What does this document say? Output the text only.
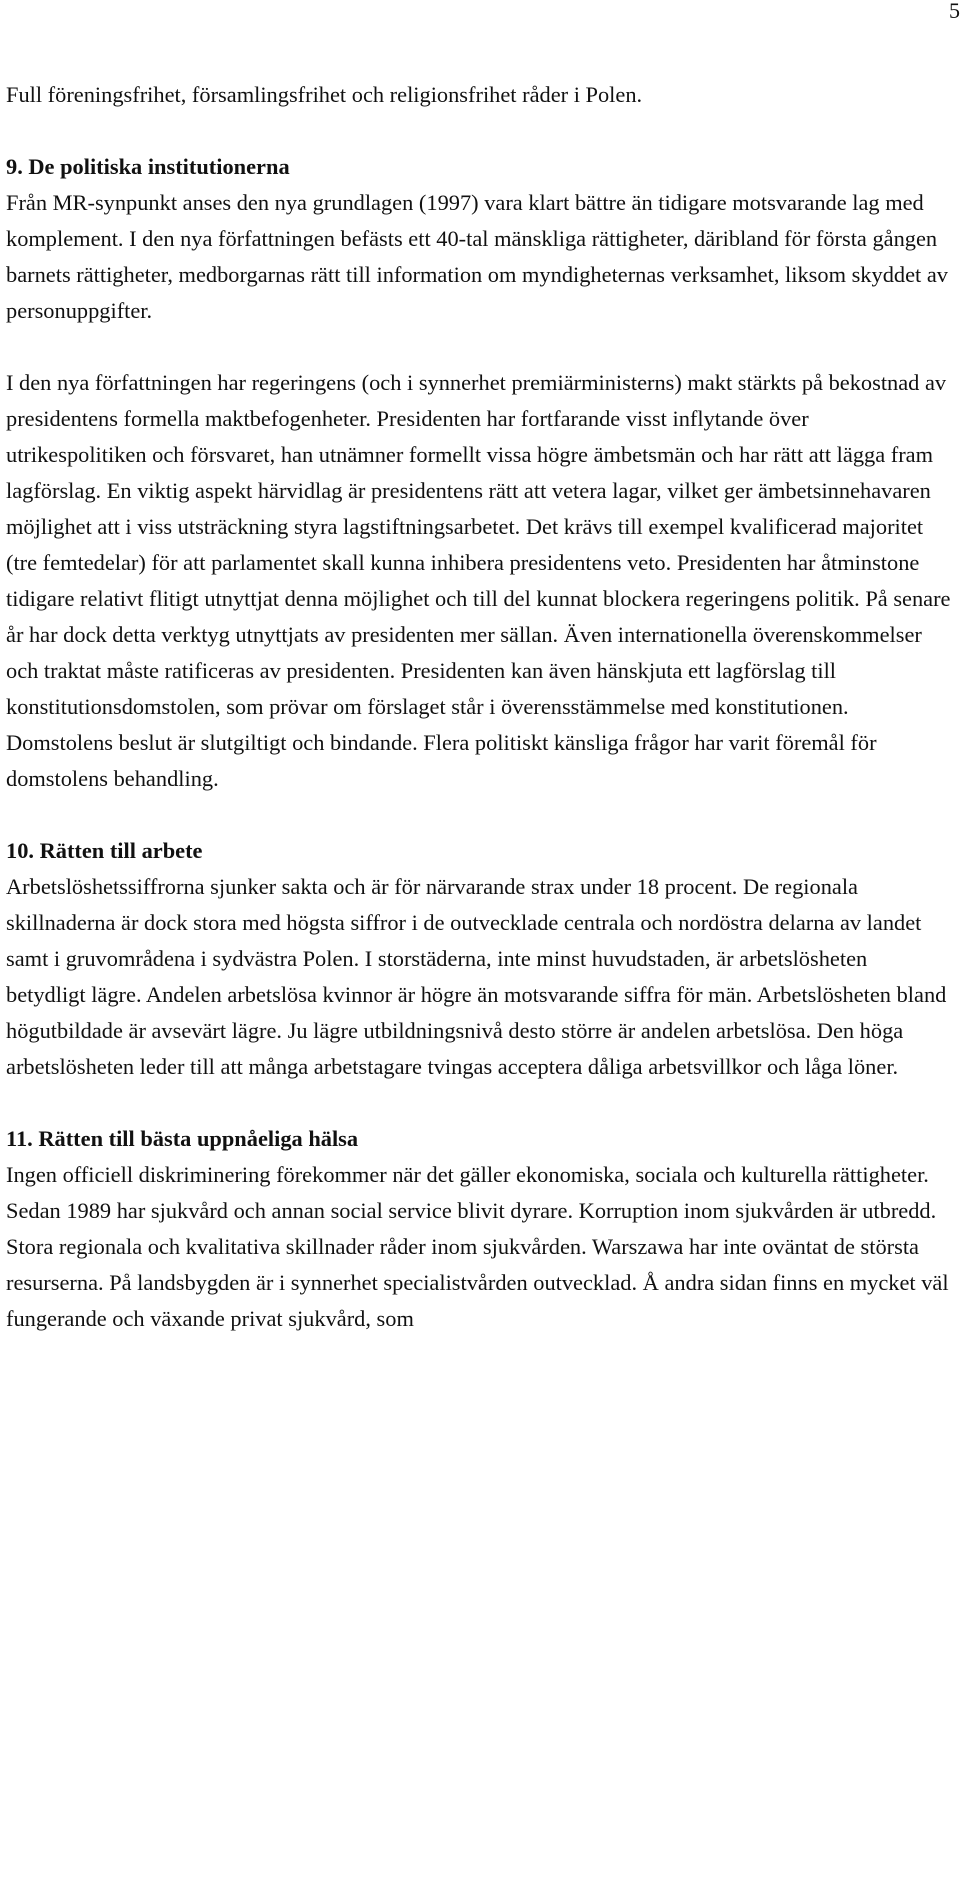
5

Full föreningsfrihet, församlingsfrihet och religionsfrihet råder i Polen.

9. De politiska institutionerna

Från MR-synpunkt anses den nya grundlagen (1997) vara klart bättre än tidigare motsvarande lag med komplement. I den nya författningen befästs ett 40-tal mänskliga rättigheter, däribland för första gången barnets rättigheter, medborgarnas rätt till information om myndigheternas verksamhet, liksom skyddet av personuppgifter.

I den nya författningen har regeringens (och i synnerhet premiärministerns) makt stärkts på bekostnad av presidentens formella maktbefogenheter. Presidenten har fortfarande visst inflytande över utrikespolitiken och försvaret, han utnämner formellt vissa högre ämbetsmän och har rätt att lägga fram lagförslag. En viktig aspekt härvidlag är presidentens rätt att vetera lagar, vilket ger ämbetsinnehavaren möjlighet att i viss utsträckning styra lagstiftningsarbetet. Det krävs till exempel kvalificerad majoritet (tre femtedelar) för att parlamentet skall kunna inhibera presidentens veto. Presidenten har åtminstone tidigare relativt flitigt utnyttjat denna möjlighet och till del kunnat blockera regeringens politik. På senare år har dock detta verktyg utnyttjats av presidenten mer sällan. Även internationella överenskommelser och traktat måste ratificeras av presidenten. Presidenten kan även hänskjuta ett lagförslag till konstitutionsdomstolen, som prövar om förslaget står i överensstämmelse med konstitutionen. Domstolens beslut är slutgiltigt och bindande. Flera politiskt känsliga frågor har varit föremål för domstolens behandling.

10. Rätten till arbete

Arbetslöshetssiffrorna sjunker sakta och är för närvarande strax under 18 procent. De regionala skillnaderna är dock stora med högsta siffror i de outvecklade centrala och nordöstra delarna av landet samt i gruvområdena i sydvästra Polen. I storstäderna, inte minst huvudstaden, är arbetslösheten betydligt lägre. Andelen arbetslösa kvinnor är högre än motsvarande siffra för män. Arbetslösheten bland högutbildade är avsevärt lägre. Ju lägre utbildningsnivå desto större är andelen arbetslösa. Den höga arbetslösheten leder till att många arbetstagare tvingas acceptera dåliga arbetsvillkor och låga löner.

11. Rätten till bästa uppnåeliga hälsa

Ingen officiell diskriminering förekommer när det gäller ekonomiska, sociala och kulturella rättigheter. Sedan 1989 har sjukvård och annan social service blivit dyrare. Korruption inom sjukvården är utbredd. Stora regionala och kvalitativa skillnader råder inom sjukvården. Warszawa har inte oväntat de största resurserna. På landsbygden är i synnerhet specialistvården outvecklad. Å andra sidan finns en mycket väl fungerande och växande privat sjukvård, som
